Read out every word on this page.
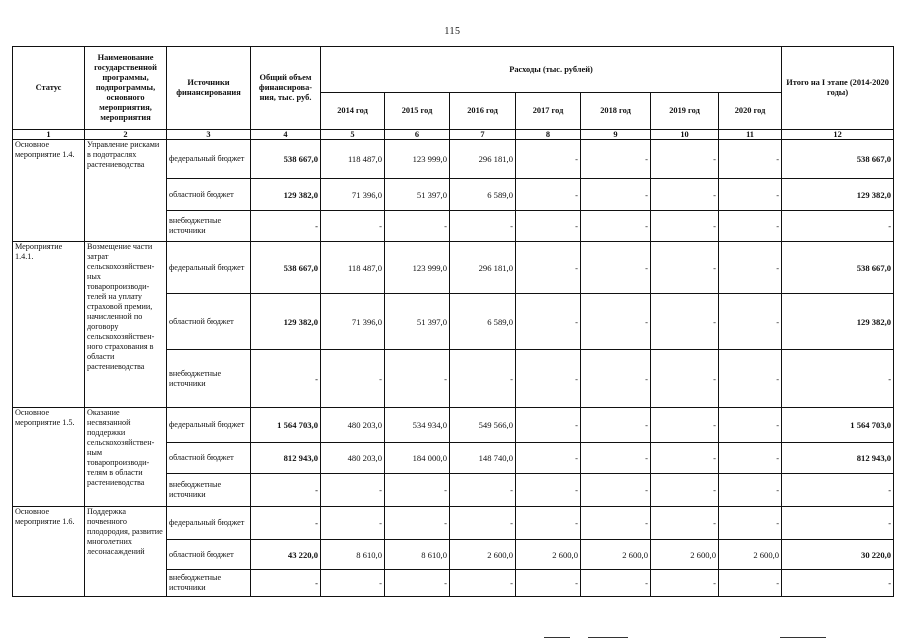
115
Статус	Наименование государственной программы, подпрограммы, основного мероприятия, мероприятия	Источники финансирования	Общий объем финансирова-ния, тыс. руб.	Расходы (тыс. рублей)							Итого на I этапе (2014-2020 годы)
				2014 год	2015 год	2016 год	2017 год	2018 год	2019 год	2020 год	
1	2	3	4	5	6	7	8	9	10	11	12
Основное мероприятие 1.4.	Управление рисками в подотраслях растениеводства	федеральный бюджет	538 667,0	118 487,0	123 999,0	296 181,0	-	-	-	-	538 667,0
		областной бюджет	129 382,0	71 396,0	51 397,0	6 589,0	-	-	-	-	129 382,0
		внебюджетные источники	-	-	-	-	-	-	-	-	-
Мероприятие 1.4.1.	Возмещение части затрат сельскохозяйствен-ных товаропроизводи-телей на уплату страховой премии, начисленной по договору сельскохозяйствен-ного страхования в области растениеводства	федеральный бюджет	538 667,0	118 487,0	123 999,0	296 181,0	-	-	-	-	538 667,0
		областной бюджет	129 382,0	71 396,0	51 397,0	6 589,0	-	-	-	-	129 382,0
		внебюджетные источники	-	-	-	-	-	-	-	-	-
Основное мероприятие 1.5.	Оказание несвязанной поддержки сельскохозяйствен-ным товаропроизводи-телям в области растениеводства	федеральный бюджет	1 564 703,0	480 203,0	534 934,0	549 566,0	-	-	-	-	1 564 703,0
		областной бюджет	812 943,0	480 203,0	184 000,0	148 740,0	-	-	-	-	812 943,0
		внебюджетные источники	-	-	-	-	-	-	-	-	-
Основное мероприятие 1.6.	Поддержка почвенного плодородия, развитие многолетних лесонасаждений	федеральный бюджет	-	-	-	-	-	-	-	-	-
		областной бюджет	43 220,0	8 610,0	8 610,0	2 600,0	2 600,0	2 600,0	2 600,0	2 600,0	30 220,0
		внебюджетные источники	-	-	-	-	-	-	-	-	-
